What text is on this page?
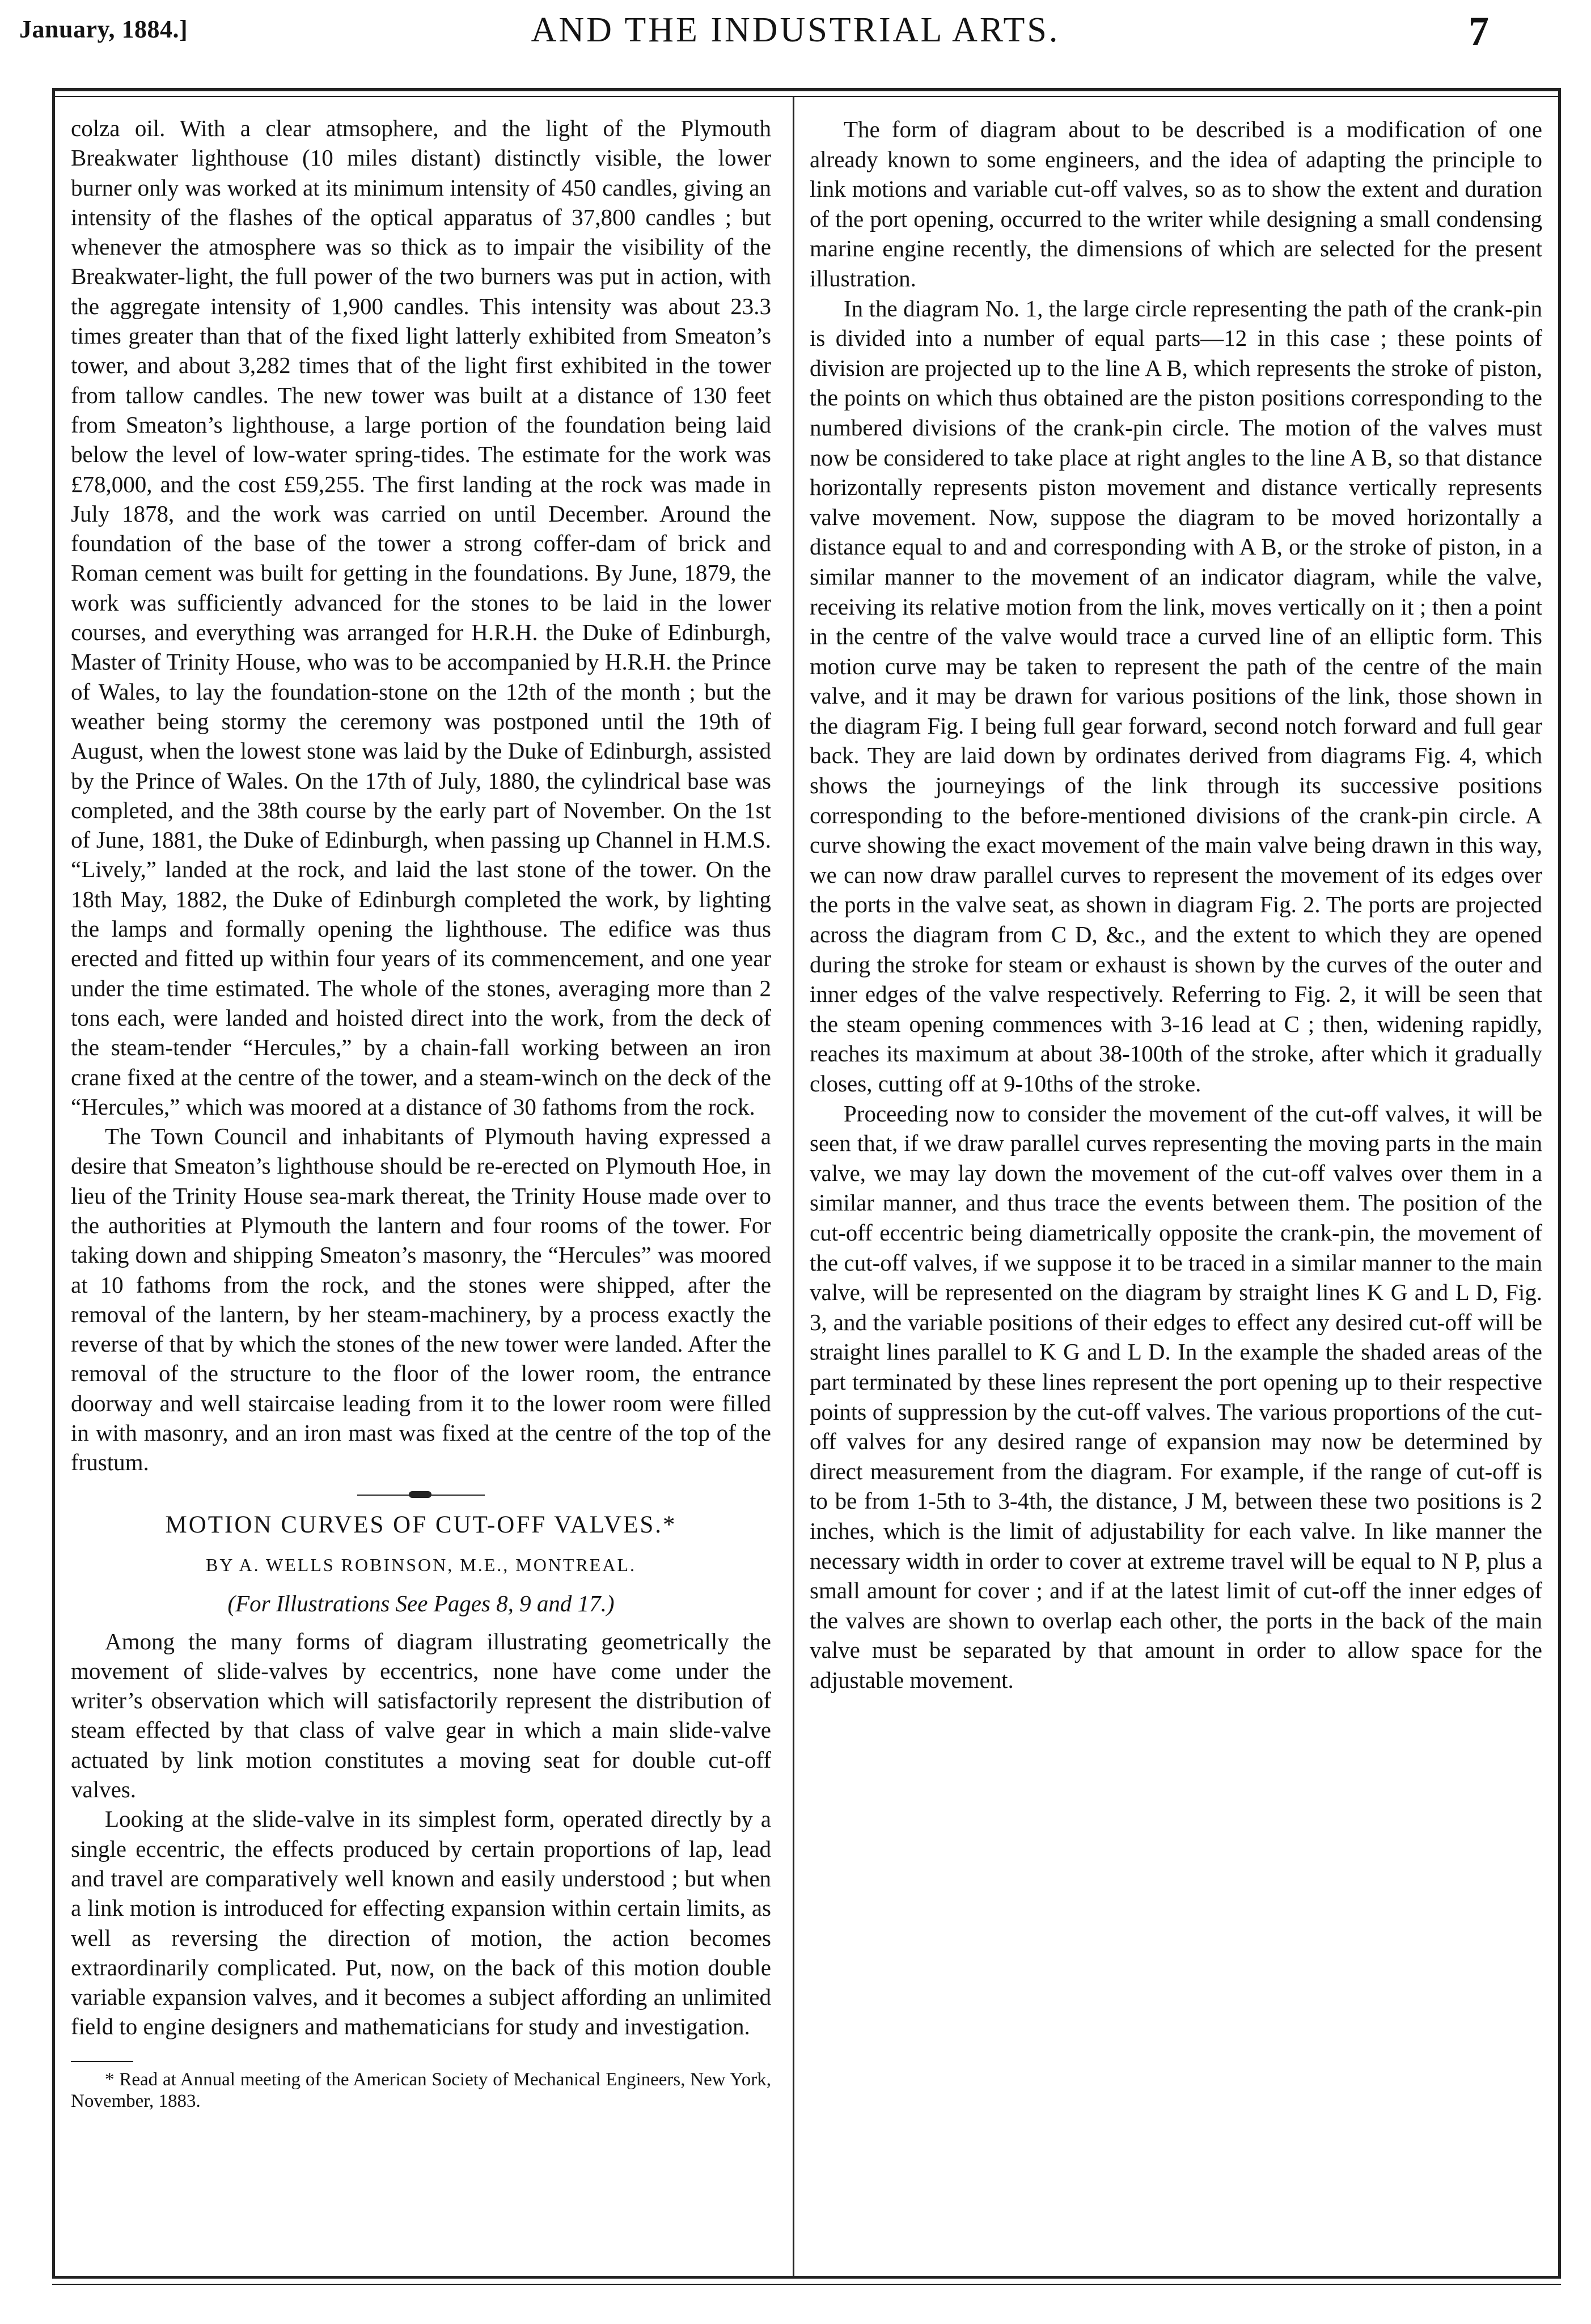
January, 1884.]	AND THE INDUSTRIAL ARTS.	7

colza oil. With a clear atmsophere, and the light of the Plymouth Breakwater lighthouse (10 miles distant) distinctly visible, the lower burner only was worked at its minimum intensity of 450 candles, giving an intensity of the flashes of the optical apparatus of 37,800 candles ; but whenever the atmosphere was so thick as to impair the visibility of the Breakwater-light, the full power of the two burners was put in action, with the aggregate intensity of 1,900 candles. This intensity was about 23.3 times greater than that of the fixed light latterly exhibited from Smeaton’s tower, and about 3,282 times that of the light first exhibited in the tower from tallow candles. The new tower was built at a distance of 130 feet from Smeaton’s lighthouse, a large portion of the foundation being laid below the level of low-water spring-tides. The estimate for the work was £78,000, and the cost £59,255. The first landing at the rock was made in July 1878, and the work was carried on until December. Around the foundation of the base of the tower a strong coffer-dam of brick and Roman cement was built for getting in the foundations. By June, 1879, the work was sufficiently advanced for the stones to be laid in the lower courses, and everything was arranged for H.R.H. the Duke of Edinburgh, Master of Trinity House, who was to be accompanied by H.R.H. the Prince of Wales, to lay the foundation-stone on the 12th of the month ; but the weather being stormy the ceremony was postponed until the 19th of August, when the lowest stone was laid by the Duke of Edinburgh, assisted by the Prince of Wales. On the 17th of July, 1880, the cylindrical base was completed, and the 38th course by the early part of November. On the 1st of June, 1881, the Duke of Edinburgh, when passing up Channel in H.M.S. “Lively,” landed at the rock, and laid the last stone of the tower. On the 18th May, 1882, the Duke of Edinburgh completed the work, by lighting the lamps and formally opening the lighthouse. The edifice was thus erected and fitted up within four years of its commencement, and one year under the time estimated. The whole of the stones, averaging more than 2 tons each, were landed and hoisted direct into the work, from the deck of the steam-tender “Hercules,” by a chain-fall working between an iron crane fixed at the centre of the tower, and a steam-winch on the deck of the “Hercules,” which was moored at a distance of 30 fathoms from the rock.

The Town Council and inhabitants of Plymouth having expressed a desire that Smeaton’s lighthouse should be re-erected on Plymouth Hoe, in lieu of the Trinity House sea-mark thereat, the Trinity House made over to the authorities at Plymouth the lantern and four rooms of the tower. For taking down and shipping Smeaton’s masonry, the “Hercules” was moored at 10 fathoms from the rock, and the stones were shipped, after the removal of the lantern, by her steam-machinery, by a process exactly the reverse of that by which the stones of the new tower were landed. After the removal of the structure to the floor of the lower room, the entrance doorway and well staircaise leading from it to the lower room were filled in with masonry, and an iron mast was fixed at the centre of the top of the frustum.

MOTION CURVES OF CUT-OFF VALVES.*
BY A. WELLS ROBINSON, M.E., MONTREAL.
(For Illustrations See Pages 8, 9 and 17.)

Among the many forms of diagram illustrating geometrically the movement of slide-valves by eccentrics, none have come under the writer’s observation which will satisfactorily represent the distribution of steam effected by that class of valve gear in which a main slide-valve actuated by link motion constitutes a moving seat for double cut-off valves.

Looking at the slide-valve in its simplest form, operated directly by a single eccentric, the effects produced by certain proportions of lap, lead and travel are comparatively well known and easily understood ; but when a link motion is introduced for effecting expansion within certain limits, as well as reversing the direction of motion, the action becomes extraordinarily complicated. Put, now, on the back of this motion double variable expansion valves, and it becomes a subject affording an unlimited field to engine designers and mathematicians for study and investigation.

* Read at Annual meeting of the American Society of Mechanical Engineers, New York, November, 1883.

The form of diagram about to be described is a modification of one already known to some engineers, and the idea of adapting the principle to link motions and variable cut-off valves, so as to show the extent and duration of the port opening, occurred to the writer while designing a small condensing marine engine recently, the dimensions of which are selected for the present illustration.

In the diagram No. 1, the large circle representing the path of the crank-pin is divided into a number of equal parts—12 in this case ; these points of division are projected up to the line A B, which represents the stroke of piston, the points on which thus obtained are the piston positions corresponding to the numbered divisions of the crank-pin circle. The motion of the valves must now be considered to take place at right angles to the line A B, so that distance horizontally represents piston movement and distance vertically represents valve movement. Now, suppose the diagram to be moved horizontally a distance equal to and and corresponding with A B, or the stroke of piston, in a similar manner to the movement of an indicator diagram, while the valve, receiving its relative motion from the link, moves vertically on it ; then a point in the centre of the valve would trace a curved line of an elliptic form. This motion curve may be taken to represent the path of the centre of the main valve, and it may be drawn for various positions of the link, those shown in the diagram Fig. I being full gear forward, second notch forward and full gear back. They are laid down by ordinates derived from diagrams Fig. 4, which shows the journeyings of the link through its successive positions corresponding to the before-mentioned divisions of the crank-pin circle. A curve showing the exact movement of the main valve being drawn in this way, we can now draw parallel curves to represent the movement of its edges over the ports in the valve seat, as shown in diagram Fig. 2. The ports are projected across the diagram from C D, &c., and the extent to which they are opened during the stroke for steam or exhaust is shown by the curves of the outer and inner edges of the valve respectively. Referring to Fig. 2, it will be seen that the steam opening commences with 3-16 lead at C ; then, widening rapidly, reaches its maximum at about 38-100th of the stroke, after which it gradually closes, cutting off at 9-10ths of the stroke.

Proceeding now to consider the movement of the cut-off valves, it will be seen that, if we draw parallel curves representing the moving parts in the main valve, we may lay down the movement of the cut-off valves over them in a similar manner, and thus trace the events between them. The position of the cut-off eccentric being diametrically opposite the crank-pin, the movement of the cut-off valves, if we suppose it to be traced in a similar manner to the main valve, will be represented on the diagram by straight lines K G and L D, Fig. 3, and the variable positions of their edges to effect any desired cut-off will be straight lines parallel to K G and L D. In the example the shaded areas of the part terminated by these lines represent the port opening up to their respective points of suppression by the cut-off valves. The various proportions of the cut-off valves for any desired range of expansion may now be determined by direct measurement from the diagram. For example, if the range of cut-off is to be from 1-5th to 3-4th, the distance, J M, between these two positions is 2 inches, which is the limit of adjustability for each valve. In like manner the necessary width in order to cover at extreme travel will be equal to N P, plus a small amount for cover ; and if at the latest limit of cut-off the inner edges of the valves are shown to overlap each other, the ports in the back of the main valve must be separated by that amount in order to allow space for the adjustable movement.
